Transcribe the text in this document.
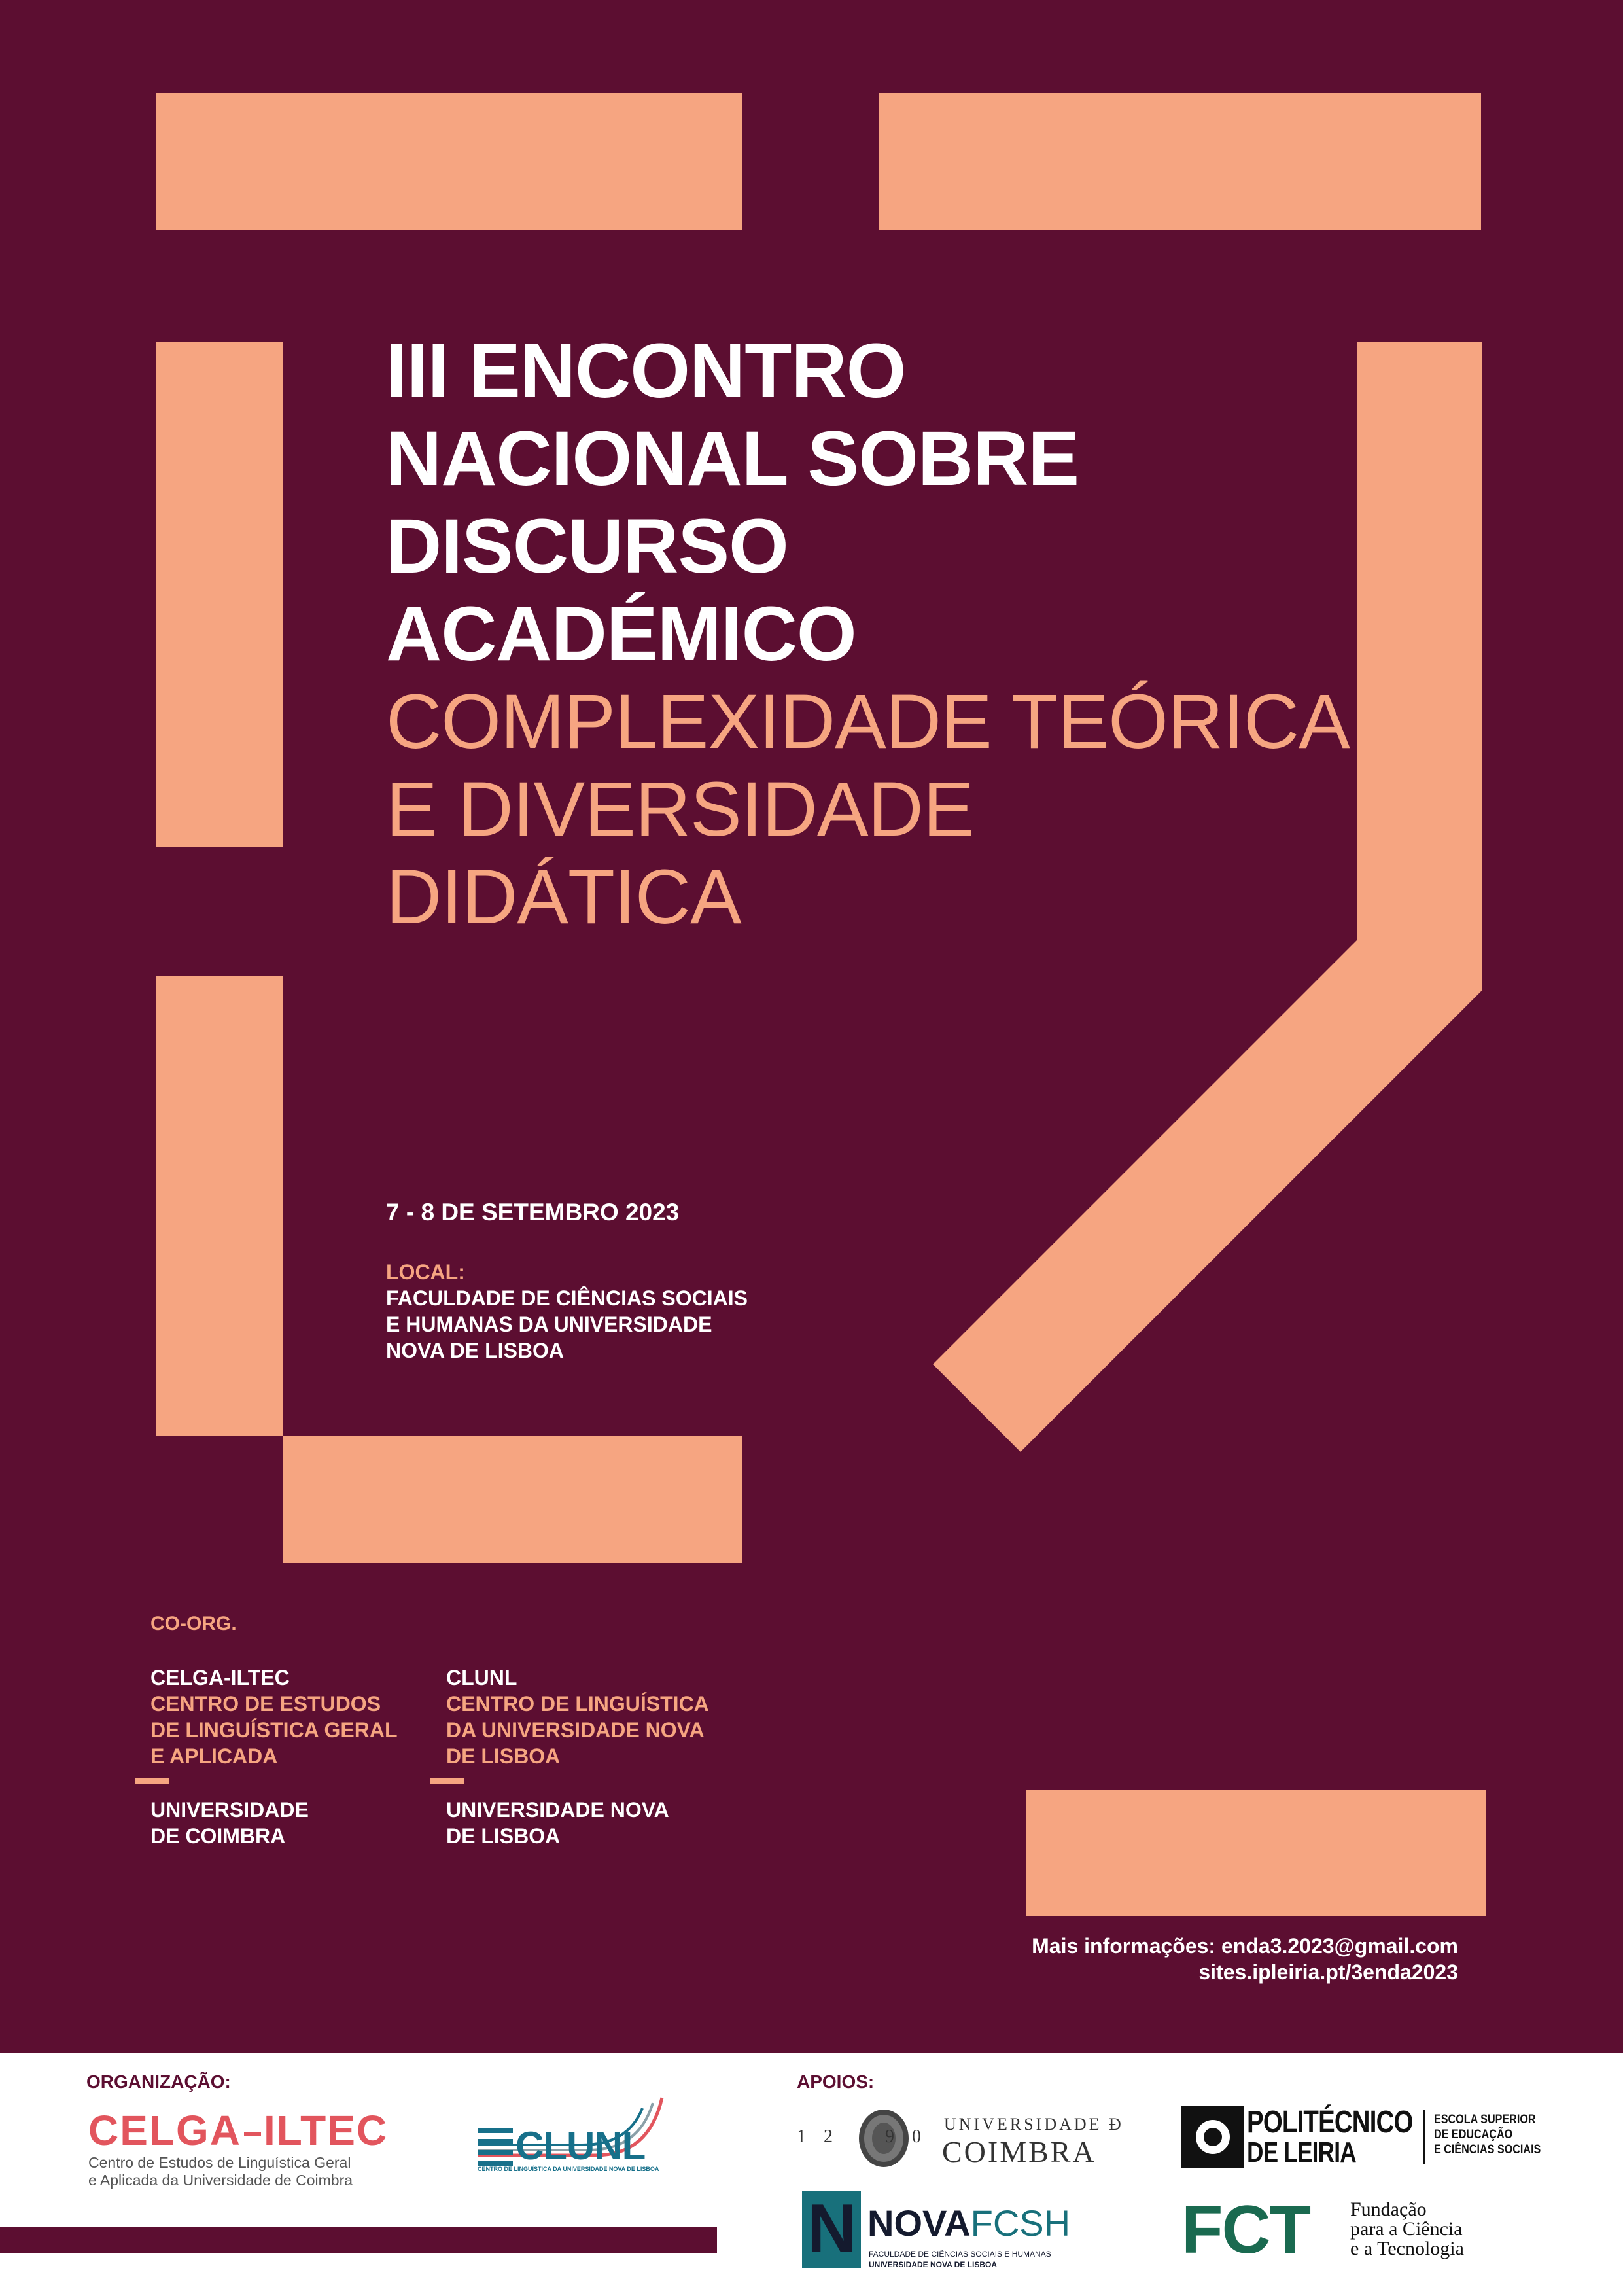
III ENCONTRO
NACIONAL SOBRE
DISCURSO
ACADÉMICO
COMPLEXIDADE TEÓRICA
E DIVERSIDADE
DIDÁTICA
7 - 8 DE SETEMBRO 2023
LOCAL:
FACULDADE DE CIÊNCIAS SOCIAIS
E HUMANAS DA UNIVERSIDADE
NOVA DE LISBOA
CO-ORG.
CELGA-ILTEC
CENTRO DE ESTUDOS
DE LINGUÍSTICA GERAL
E APLICADA
UNIVERSIDADE
DE COIMBRA
CLUNL
CENTRO DE LINGUÍSTICA
DA UNIVERSIDADE NOVA
DE LISBOA
UNIVERSIDADE NOVA
DE LISBOA
Mais informações: enda3.2023@gmail.com
sites.ipleiria.pt/3enda2023
ORGANIZAÇÃO:	APOIOS:
CELGA ILTEC
Centro de Estudos de Linguística Geral
e Aplicada da Universidade de Coimbra
CLUNL
CENTRO DE LINGUÍSTICA DA UNIVERSIDADE NOVA DE LISBOA
1 2	9 0
UNIVERSIDADE Ð
COIMBRA
POLITÉCNICO
DE LEIRIA
ESCOLA SUPERIOR
DE EDUCAÇÃO
E CIÊNCIAS SOCIAIS
N NOVAFCSH
FACULDADE DE CIÊNCIAS SOCIAIS E HUMANAS
UNIVERSIDADE NOVA DE LISBOA	FCT Fundação
para a Ciência
e a Tecnologia
